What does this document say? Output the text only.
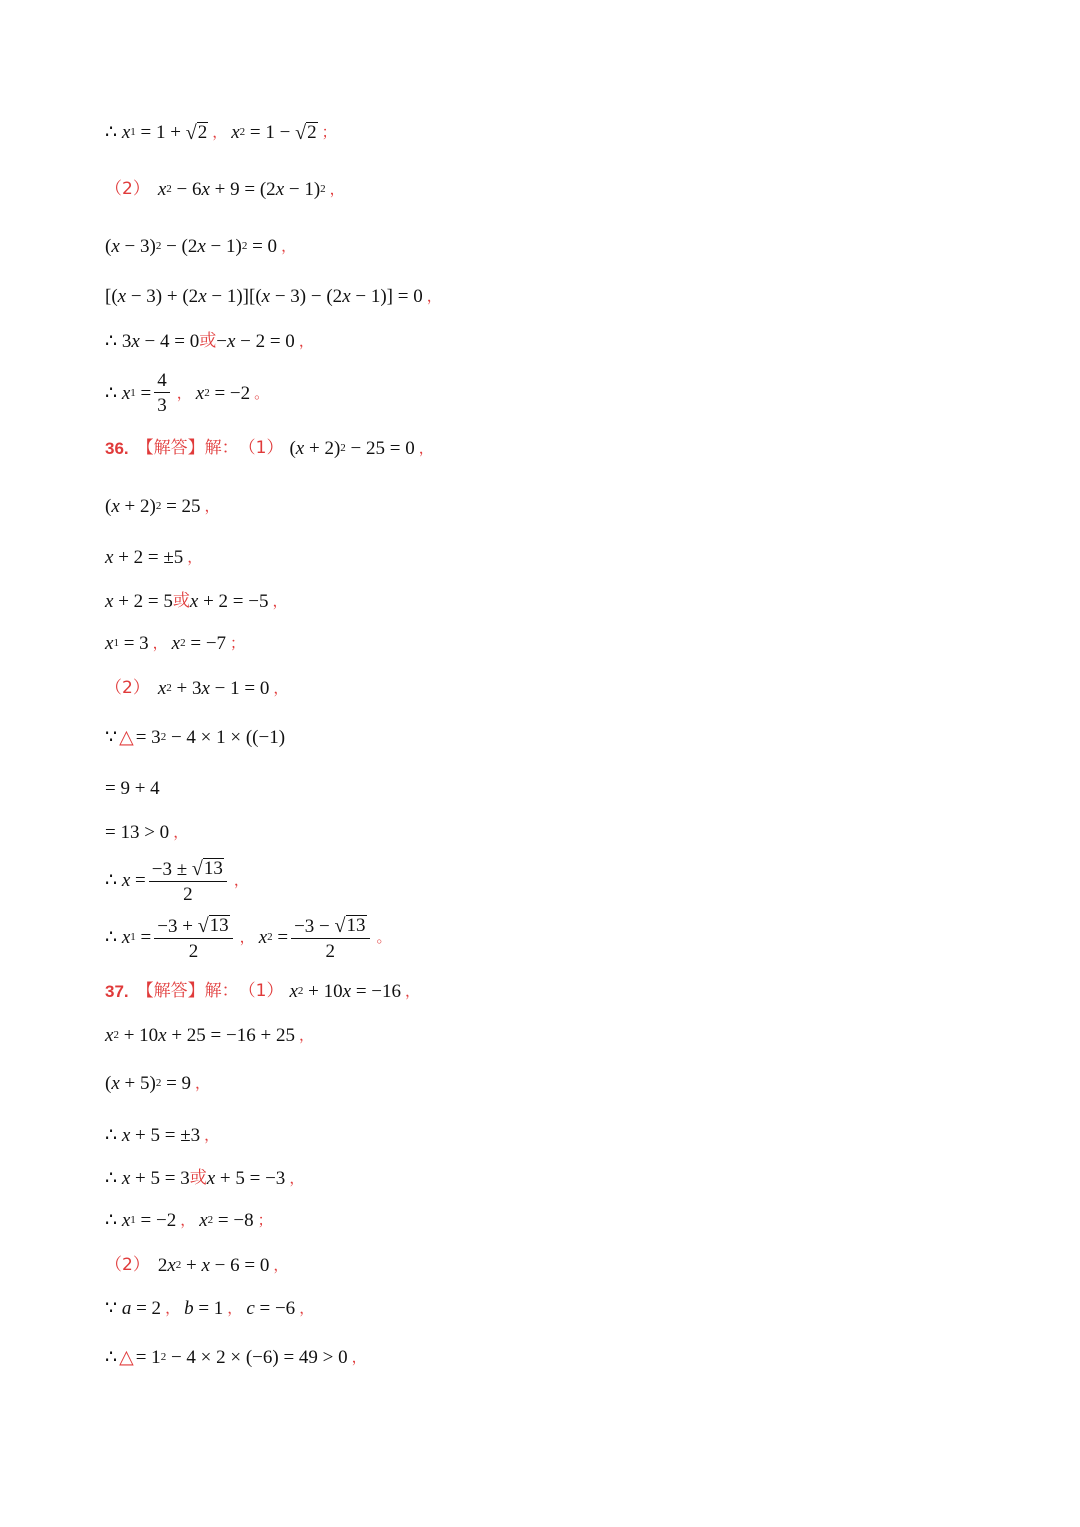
∴ x 1 = 1 + √ 2 ， x 2 = 1 − √ 2 ；
（2） x 2 − 6 x + 9 = (2 x − 1) 2 ，
( x − 3) 2 − (2 x − 1) 2 = 0 ，
[( x − 3) + (2 x − 1)][( x − 3) − (2 x − 1)] = 0 ，
∴ 3 x − 4 = 0 或 − x − 2 = 0 ，
∴ x $1 = \frac{4}{3}$ ， x 2 = −2 。
36. 【解答】解： （1） ( x + 2) 2 − 25 = 0 ，
( x + 2) 2 = 25 ，
x + 2 = ±5 ，
x + 2 = 5 或 x + 2 = −5 ，
x 1 = 3 ， x 2 = −7 ；
（2） x 2 + 3 x − 1 = 0 ，
∵ △ = 3 2 − 4 × 1 × ((−1)
= 9 + 4
= 13 > 0 ，
∴ $x = \frac{-3 \pm √ 13}{2}$ ，
∴ x $1 = \frac{-3 + √ 13}{2}$ ， x $2 = \frac{-3 - √ 13}{2}$ 。
37. 【解答】解： （1） x 2 + 10 x = −16 ，
x 2 + 10 x + 25 = −16 + 25 ，
( x + 5) 2 = 9 ，
∴ x + 5 = ±3 ，
∴ x + 5 = 3 或 x + 5 = −3 ，
∴ x 1 = −2 ， x 2 = −8 ；
（2） 2 x 2 + x − 6 = 0 ，
∵ a = 2 ， b = 1 ， c = −6 ，
∴ △ = 1 2 − 4 × 2 × (−6) = 49 > 0 ，
